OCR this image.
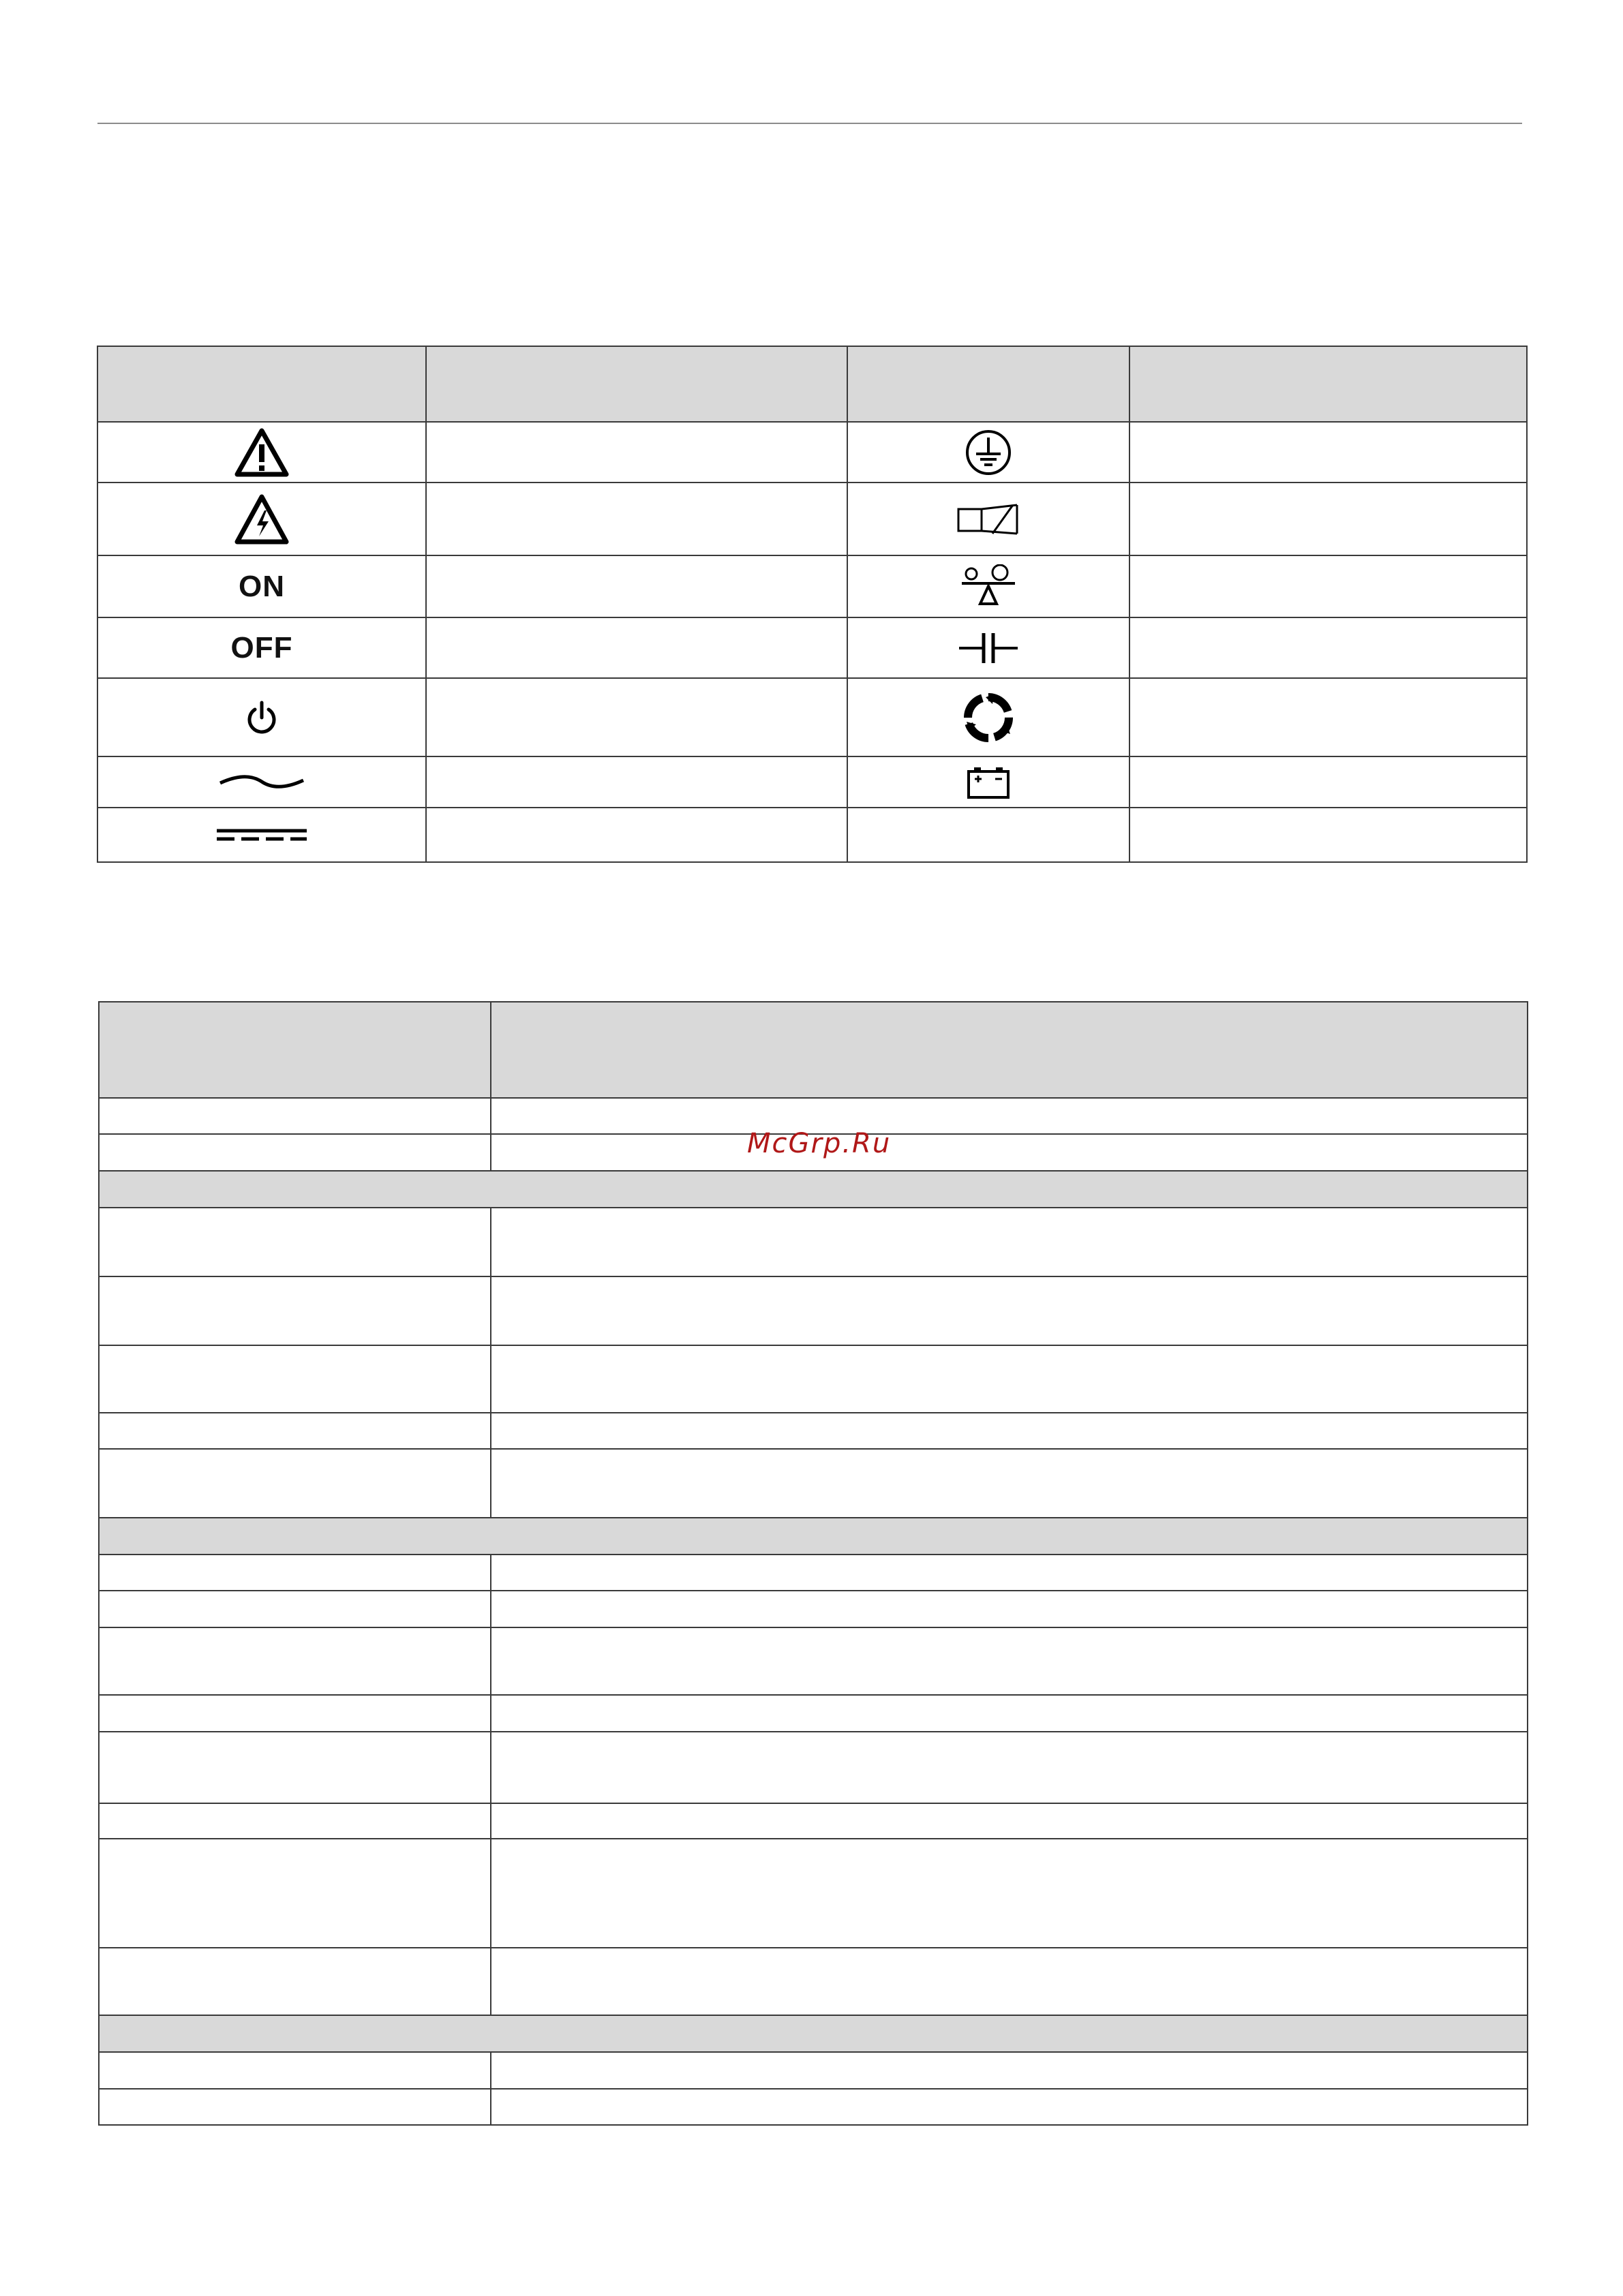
ON		

OFF		

McGrp.Ru
